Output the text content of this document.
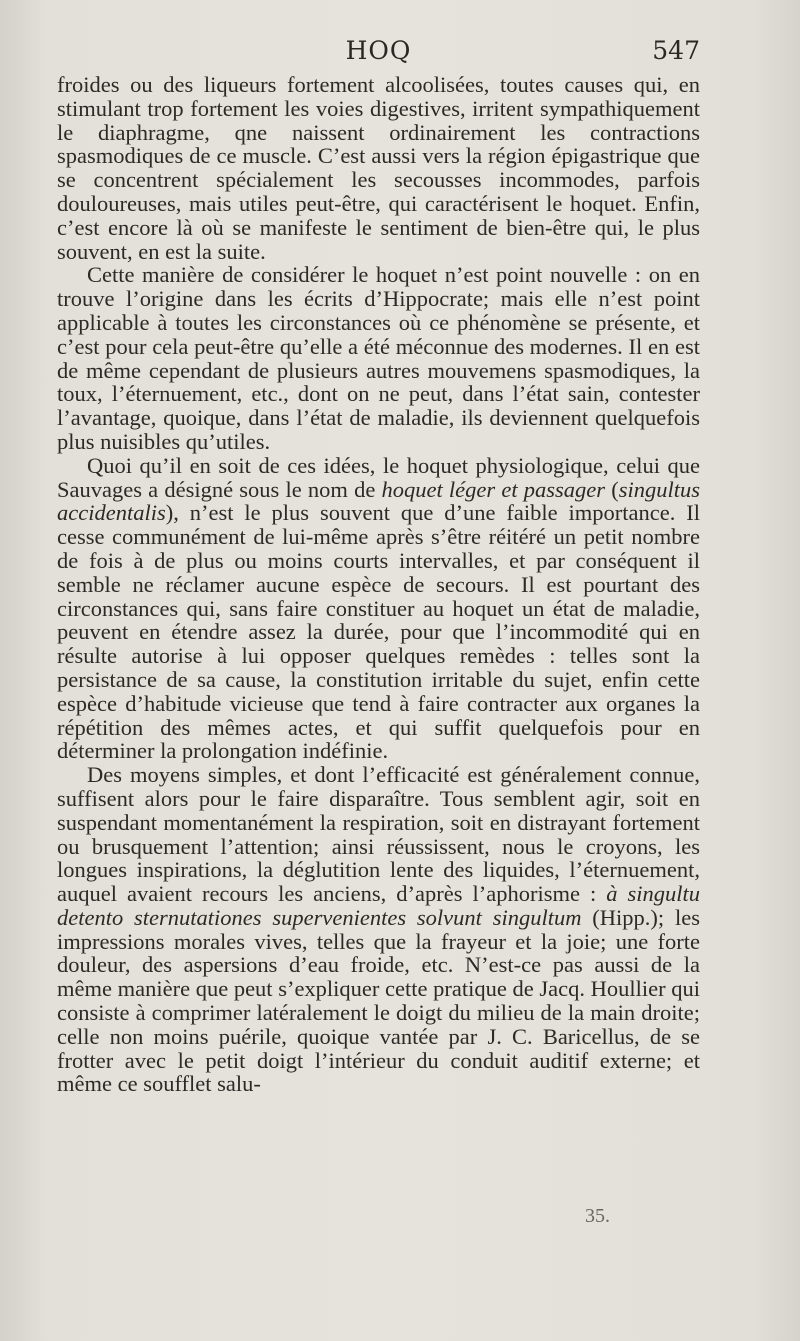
HOQ	547

froides ou des liqueurs fortement alcoolisées, toutes causes qui, en stimulant trop fortement les voies digestives, irritent sympathiquement le diaphragme, qne naissent ordinairement les contractions spasmodiques de ce muscle. C’est aussi vers la région épigastrique que se concentrent spécialement les secousses incommodes, parfois douloureuses, mais utiles peut-être, qui caractérisent le hoquet. Enfin, c’est encore là où se manifeste le sentiment de bien-être qui, le plus souvent, en est la suite.

Cette manière de considérer le hoquet n’est point nouvelle : on en trouve l’origine dans les écrits d’Hippocrate; mais elle n’est point applicable à toutes les circonstances où ce phénomène se présente, et c’est pour cela peut-être qu’elle a été méconnue des modernes. Il en est de même cependant de plusieurs autres mouvemens spasmodiques, la toux, l’éternuement, etc., dont on ne peut, dans l’état sain, contester l’avantage, quoique, dans l’état de maladie, ils deviennent quelquefois plus nuisibles qu’utiles.

Quoi qu’il en soit de ces idées, le hoquet physiologique, celui que Sauvages a désigné sous le nom de hoquet léger et passager (singultus accidentalis), n’est le plus souvent que d’une faible importance. Il cesse communément de lui-même après s’être réitéré un petit nombre de fois à de plus ou moins courts intervalles, et par conséquent il semble ne réclamer aucune espèce de secours. Il est pourtant des circonstances qui, sans faire constituer au hoquet un état de maladie, peuvent en étendre assez la durée, pour que l’incommodité qui en résulte autorise à lui opposer quelques remèdes : telles sont la persistance de sa cause, la constitution irritable du sujet, enfin cette espèce d’habitude vicieuse que tend à faire contracter aux organes la répétition des mêmes actes, et qui suffit quelquefois pour en déterminer la prolongation indéfinie.

Des moyens simples, et dont l’efficacité est généralement connue, suffisent alors pour le faire disparaître. Tous semblent agir, soit en suspendant momentanément la respiration, soit en distrayant fortement ou brusquement l’attention; ainsi réussissent, nous le croyons, les longues inspirations, la déglutition lente des liquides, l’éternuement, auquel avaient recours les anciens, d’après l’aphorisme : à singultu detento sternutationes supervenientes solvunt singultum (Hipp.); les impressions morales vives, telles que la frayeur et la joie; une forte douleur, des aspersions d’eau froide, etc. N’est-ce pas aussi de la même manière que peut s’expliquer cette pratique de Jacq. Houllier qui consiste à comprimer latéralement le doigt du milieu de la main droite; celle non moins puérile, quoique vantée par J. C. Baricellus, de se frotter avec le petit doigt l’intérieur du conduit auditif externe; et même ce soufflet salu-

35.
